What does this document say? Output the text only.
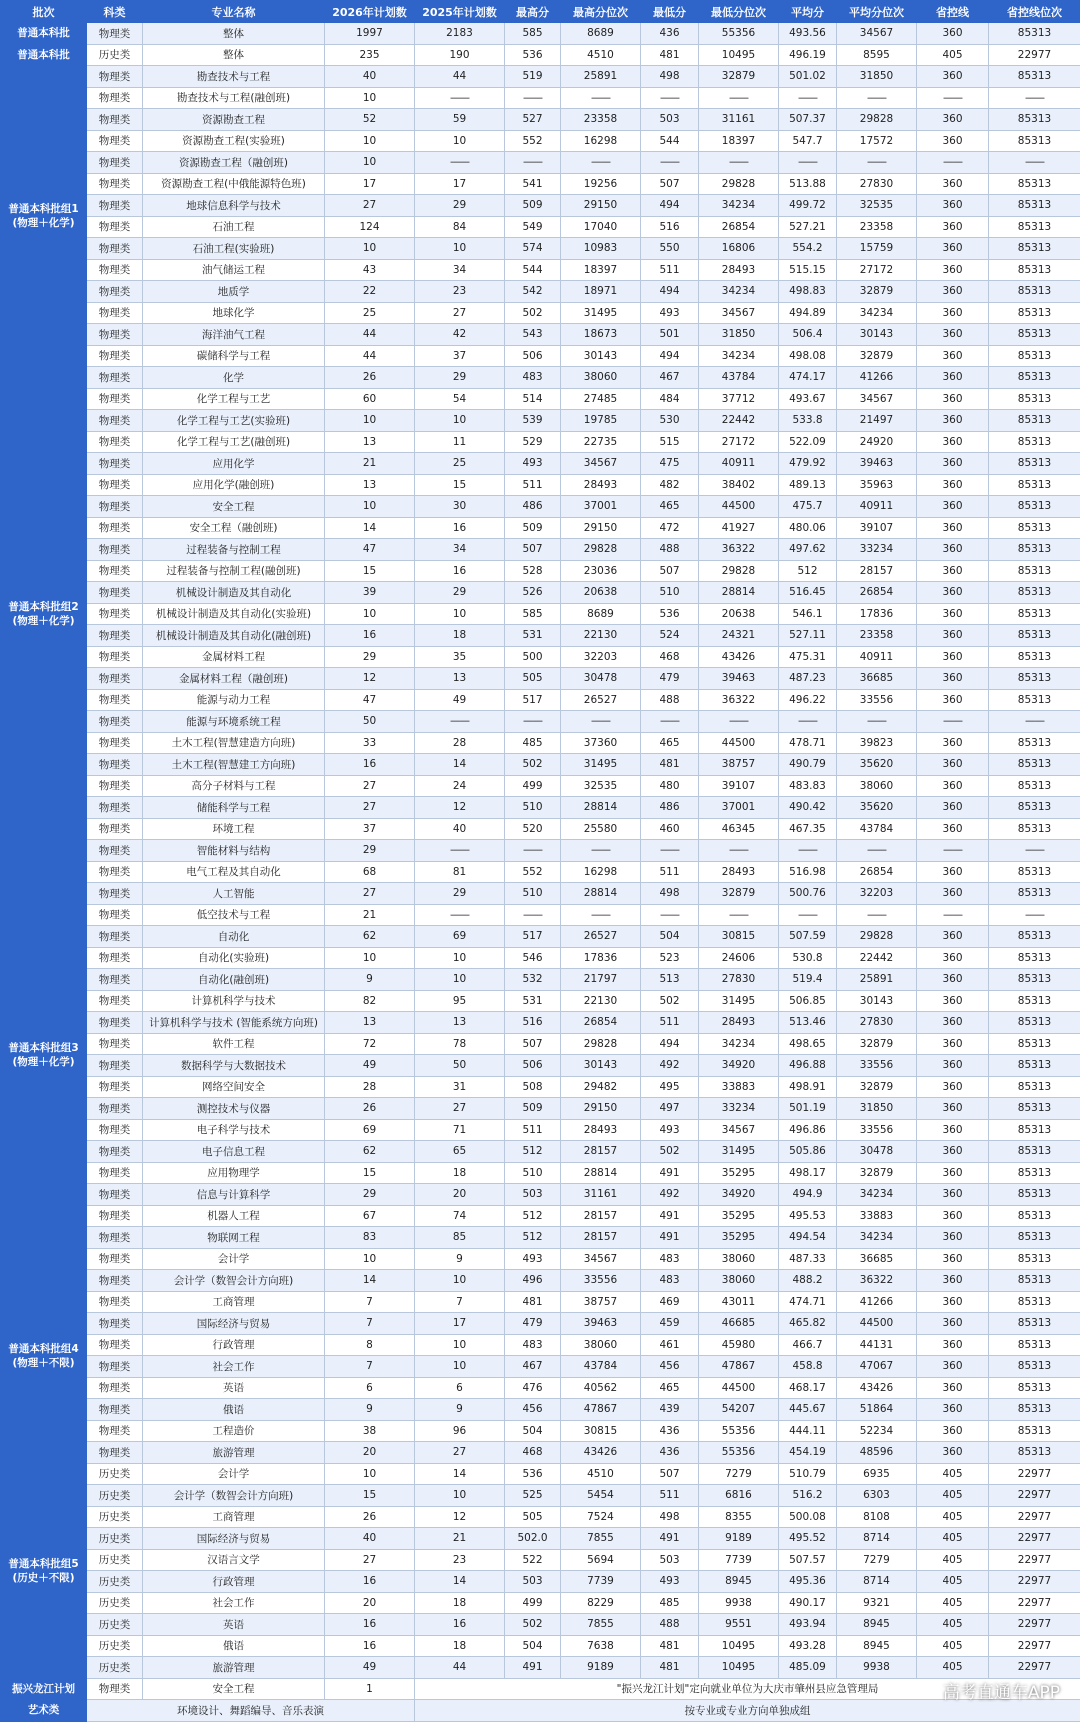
批次	科类	专业名称	2026年计划数	2025年计划数	最高分	最高分位次	最低分	最低分位次	平均分	平均分位次	省控线	省控线位次
普通本科批	物理类	整体	1997	2183	585	8689	436	55356	493.56	34567	360	85313
普通本科批	历史类	整体	235	190	536	4510	481	10495	496.19	8595	405	22977
普通本科批组1
(物理＋化学)	物理类	勘查技术与工程	40	44	519	25891	498	32879	501.02	31850	360	85313
	物理类	勘查技术与工程(融创班)	10	——	——	——	——	——	——	——	——	——
	物理类	资源勘查工程	52	59	527	23358	503	31161	507.37	29828	360	85313
	物理类	资源勘查工程(实验班)	10	10	552	16298	544	18397	547.7	17572	360	85313
	物理类	资源勘查工程（融创班)	10	——	——	——	——	——	——	——	——	——
	物理类	资源勘查工程(中俄能源特色班)	17	17	541	19256	507	29828	513.88	27830	360	85313
	物理类	地球信息科学与技术	27	29	509	29150	494	34234	499.72	32535	360	85313
	物理类	石油工程	124	84	549	17040	516	26854	527.21	23358	360	85313
	物理类	石油工程(实验班)	10	10	574	10983	550	16806	554.2	15759	360	85313
	物理类	油气储运工程	43	34	544	18397	511	28493	515.15	27172	360	85313
	物理类	地质学	22	23	542	18971	494	34234	498.83	32879	360	85313
	物理类	地球化学	25	27	502	31495	493	34567	494.89	34234	360	85313
	物理类	海洋油气工程	44	42	543	18673	501	31850	506.4	30143	360	85313
	物理类	碳储科学与工程	44	37	506	30143	494	34234	498.08	32879	360	85313
普通本科批组2
(物理＋化学)	物理类	化学	26	29	483	38060	467	43784	474.17	41266	360	85313
	物理类	化学工程与工艺	60	54	514	27485	484	37712	493.67	34567	360	85313
	物理类	化学工程与工艺(实验班)	10	10	539	19785	530	22442	533.8	21497	360	85313
	物理类	化学工程与工艺(融创班)	13	11	529	22735	515	27172	522.09	24920	360	85313
	物理类	应用化学	21	25	493	34567	475	40911	479.92	39463	360	85313
	物理类	应用化学(融创班)	13	15	511	28493	482	38402	489.13	35963	360	85313
	物理类	安全工程	10	30	486	37001	465	44500	475.7	40911	360	85313
	物理类	安全工程（融创班)	14	16	509	29150	472	41927	480.06	39107	360	85313
	物理类	过程装备与控制工程	47	34	507	29828	488	36322	497.62	33234	360	85313
	物理类	过程装备与控制工程(融创班)	15	16	528	23036	507	29828	512	28157	360	85313
	物理类	机械设计制造及其自动化	39	29	526	20638	510	28814	516.45	26854	360	85313
	物理类	机械设计制造及其自动化(实验班)	10	10	585	8689	536	20638	546.1	17836	360	85313
	物理类	机械设计制造及其自动化(融创班)	16	18	531	22130	524	24321	527.11	23358	360	85313
	物理类	金属材料工程	29	35	500	32203	468	43426	475.31	40911	360	85313
	物理类	金属材料工程（融创班)	12	13	505	30478	479	39463	487.23	36685	360	85313
	物理类	能源与动力工程	47	49	517	26527	488	36322	496.22	33556	360	85313
	物理类	能源与环境系统工程	50	——	——	——	——	——	——	——	——	——
	物理类	土木工程(智慧建造方向班)	33	28	485	37360	465	44500	478.71	39823	360	85313
	物理类	土木工程(智慧建工方向班)	16	14	502	31495	481	38757	490.79	35620	360	85313
	物理类	高分子材料与工程	27	24	499	32535	480	39107	483.83	38060	360	85313
	物理类	储能科学与工程	27	12	510	28814	486	37001	490.42	35620	360	85313
	物理类	环境工程	37	40	520	25580	460	46345	467.35	43784	360	85313
	物理类	智能材料与结构	29	——	——	——	——	——	——	——	——	——
普通本科批组3
(物理＋化学)	物理类	电气工程及其自动化	68	81	552	16298	511	28493	516.98	26854	360	85313
	物理类	人工智能	27	29	510	28814	498	32879	500.76	32203	360	85313
	物理类	低空技术与工程	21	——	——	——	——	——	——	——	——	——
	物理类	自动化	62	69	517	26527	504	30815	507.59	29828	360	85313
	物理类	自动化(实验班)	10	10	546	17836	523	24606	530.8	22442	360	85313
	物理类	自动化(融创班)	9	10	532	21797	513	27830	519.4	25891	360	85313
	物理类	计算机科学与技术	82	95	531	22130	502	31495	506.85	30143	360	85313
	物理类	计算机科学与技术 (智能系统方向班)	13	13	516	26854	511	28493	513.46	27830	360	85313
	物理类	软件工程	72	78	507	29828	494	34234	498.65	32879	360	85313
	物理类	数据科学与大数据技术	49	50	506	30143	492	34920	496.88	33556	360	85313
	物理类	网络空间安全	28	31	508	29482	495	33883	498.91	32879	360	85313
	物理类	测控技术与仪器	26	27	509	29150	497	33234	501.19	31850	360	85313
	物理类	电子科学与技术	69	71	511	28493	493	34567	496.86	33556	360	85313
	物理类	电子信息工程	62	65	512	28157	502	31495	505.86	30478	360	85313
	物理类	应用物理学	15	18	510	28814	491	35295	498.17	32879	360	85313
	物理类	信息与计算科学	29	20	503	31161	492	34920	494.9	34234	360	85313
	物理类	机器人工程	67	74	512	28157	491	35295	495.53	33883	360	85313
	物理类	物联网工程	83	85	512	28157	491	35295	494.54	34234	360	85313
普通本科批组4
(物理＋不限)	物理类	会计学	10	9	493	34567	483	38060	487.33	36685	360	85313
	物理类	会计学（数智会计方向班)	14	10	496	33556	483	38060	488.2	36322	360	85313
	物理类	工商管理	7	7	481	38757	469	43011	474.71	41266	360	85313
	物理类	国际经济与贸易	7	17	479	39463	459	46685	465.82	44500	360	85313
	物理类	行政管理	8	10	483	38060	461	45980	466.7	44131	360	85313
	物理类	社会工作	7	10	467	43784	456	47867	458.8	47067	360	85313
	物理类	英语	6	6	476	40562	465	44500	468.17	43426	360	85313
	物理类	俄语	9	9	456	47867	439	54207	445.67	51864	360	85313
	物理类	工程造价	38	96	504	30815	436	55356	444.11	52234	360	85313
	物理类	旅游管理	20	27	468	43426	436	55356	454.19	48596	360	85313
普通本科批组5
(历史＋不限)	历史类	会计学	10	14	536	4510	507	7279	510.79	6935	405	22977
	历史类	会计学（数智会计方向班)	15	10	525	5454	511	6816	516.2	6303	405	22977
	历史类	工商管理	26	12	505	7524	498	8355	500.08	8108	405	22977
	历史类	国际经济与贸易	40	21	502.0	7855	491	9189	495.52	8714	405	22977
	历史类	汉语言文学	27	23	522	5694	503	7739	507.57	7279	405	22977
	历史类	行政管理	16	14	503	7739	493	8945	495.36	8714	405	22977
	历史类	社会工作	20	18	499	8229	485	9938	490.17	9321	405	22977
	历史类	英语	16	16	502	7855	488	9551	493.94	8945	405	22977
	历史类	俄语	16	18	504	7638	481	10495	493.28	8945	405	22977
	历史类	旅游管理	49	44	491	9189	481	10495	485.09	9938	405	22977
振兴龙江计划	物理类	安全工程	1	"振兴龙江计划"定向就业单位为大庆市肇州县应急管理局								
艺术类	环境设计、舞蹈编导、音乐表演			按专业或专业方向单独成组								
高考直通车APP
